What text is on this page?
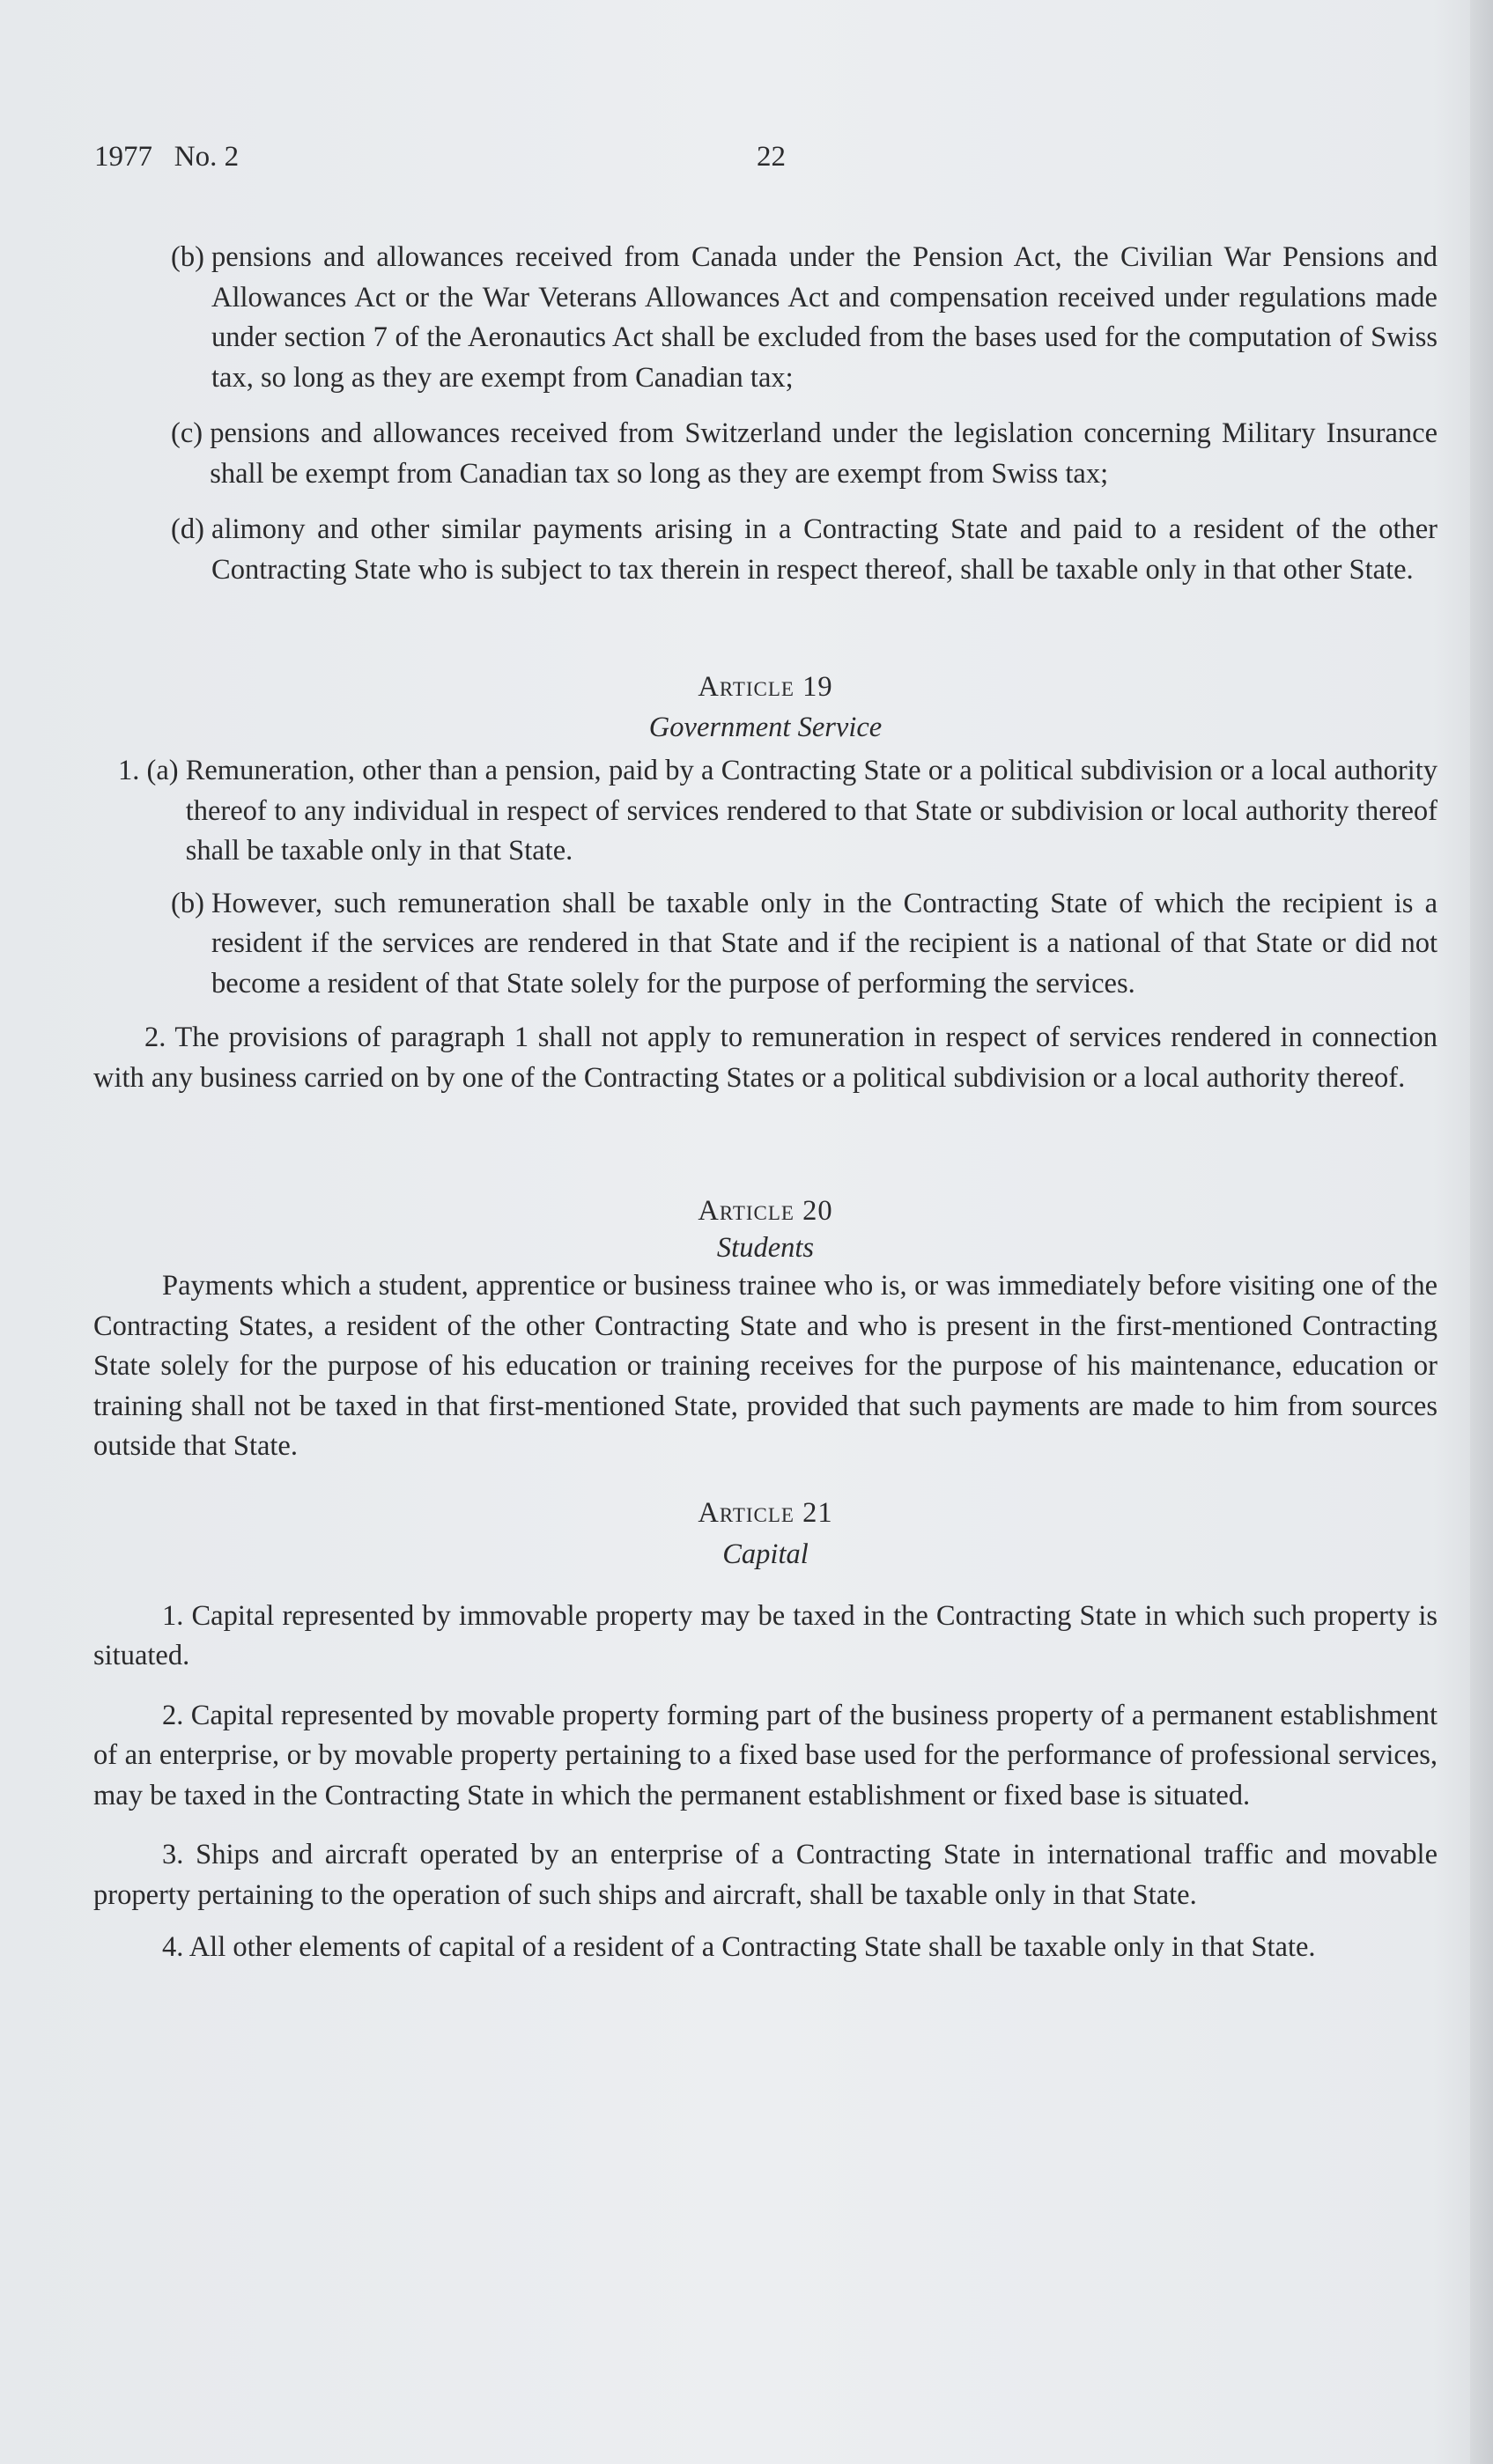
1977   No. 2	22
(b) pensions and allowances received from Canada under the Pension Act, the Civilian War Pensions and Allowances Act or the War Veterans Allowances Act and compensation received under regulations made under section 7 of the Aeronautics Act shall be excluded from the bases used for the computation of Swiss tax, so long as they are exempt from Canadian tax;
(c) pensions and allowances received from Switzerland under the legislation concerning Military Insurance shall be exempt from Canadian tax so long as they are exempt from Swiss tax;
(d) alimony and other similar payments arising in a Contracting State and paid to a resident of the other Contracting State who is subject to tax therein in respect thereof, shall be taxable only in that other State.
Article 19
Government Service
1. (a) Remuneration, other than a pension, paid by a Contracting State or a political subdivision or a local authority thereof to any individual in respect of services rendered to that State or subdivision or local authority thereof shall be taxable only in that State.
(b) However, such remuneration shall be taxable only in the Contracting State of which the recipient is a resident if the services are rendered in that State and if the recipient is a national of that State or did not become a resident of that State solely for the purpose of performing the services.

2. The provisions of paragraph 1 shall not apply to remuneration in respect of services rendered in connection with any business carried on by one of the Contracting States or a political subdivision or a local authority thereof.

Article 20
Students

Payments which a student, apprentice or business trainee who is, or was immediately before visiting one of the Contracting States, a resident of the other Contracting State and who is present in the first-mentioned Contracting State solely for the purpose of his education or training receives for the purpose of his maintenance, education or training shall not be taxed in that first-mentioned State, provided that such payments are made to him from sources outside that State.

Article 21
Capital

1. Capital represented by immovable property may be taxed in the Contracting State in which such property is situated.

2. Capital represented by movable property forming part of the business property of a permanent establishment of an enterprise, or by movable property pertaining to a fixed base used for the performance of professional services, may be taxed in the Contracting State in which the permanent establishment or fixed base is situated.

3. Ships and aircraft operated by an enterprise of a Contracting State in international traffic and movable property pertaining to the operation of such ships and aircraft, shall be taxable only in that State.

4. All other elements of capital of a resident of a Contracting State shall be taxable only in that State.
